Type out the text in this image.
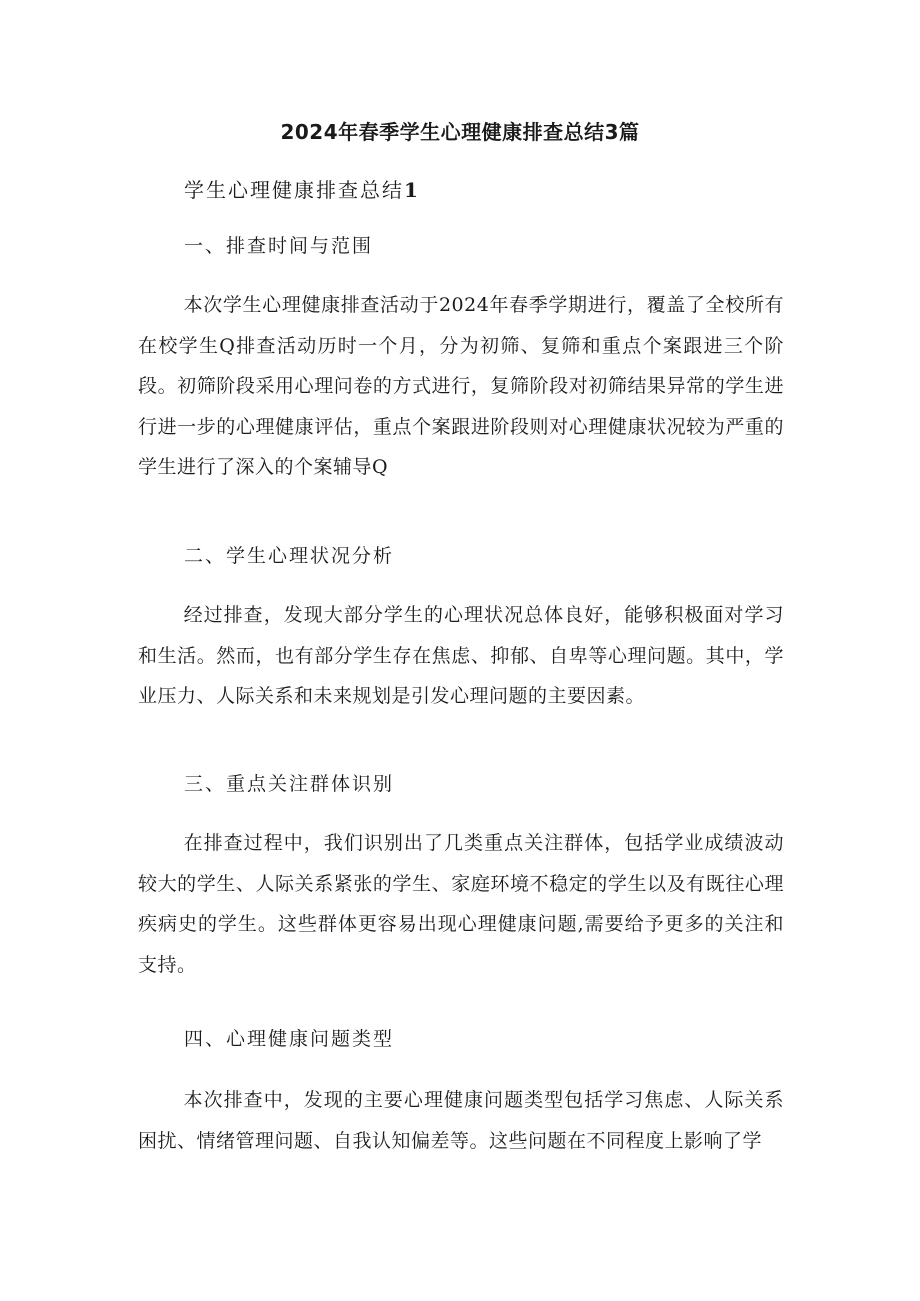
2024年春季学生心理健康排查总结3篇
学生心理健康排查总结1
一、排查时间与范围
本次学生心理健康排查活动于2024年春季学期进行，覆盖了全校所有在校学生Q排查活动历时一个月，分为初筛、复筛和重点个案跟进三个阶段。初筛阶段采用心理问卷的方式进行，复筛阶段对初筛结果异常的学生进行进一步的心理健康评估，重点个案跟进阶段则对心理健康状况较为严重的学生进行了深入的个案辅导Q
二、学生心理状况分析
经过排查，发现大部分学生的心理状况总体良好，能够积极面对学习和生活。然而，也有部分学生存在焦虑、抑郁、自卑等心理问题。其中，学业压力、人际关系和未来规划是引发心理问题的主要因素。
三、重点关注群体识别
在排查过程中，我们识别出了几类重点关注群体，包括学业成绩波动较大的学生、人际关系紧张的学生、家庭环境不稳定的学生以及有既往心理疾病史的学生。这些群体更容易出现心理健康问题,需要给予更多的关注和支持。
四、心理健康问题类型
本次排查中，发现的主要心理健康问题类型包括学习焦虑、人际关系困扰、情绪管理问题、自我认知偏差等。这些问题在不同程度上影响了学
